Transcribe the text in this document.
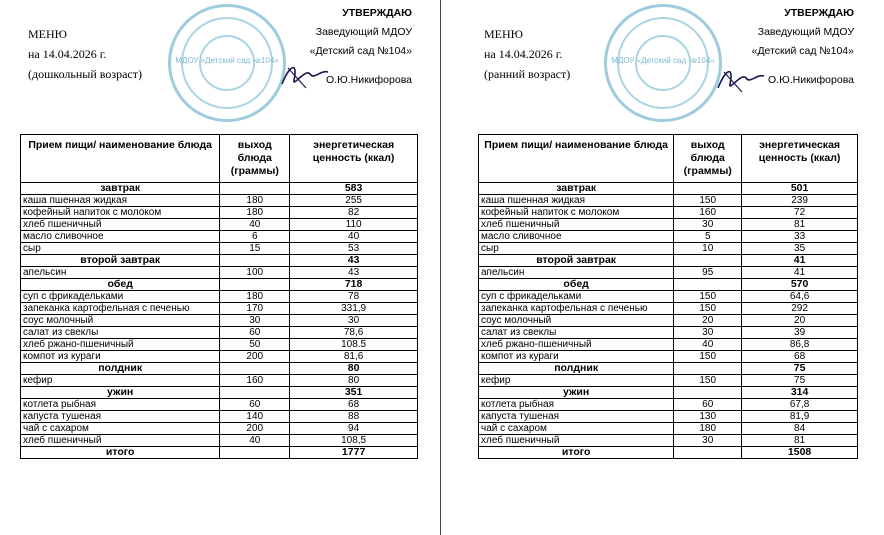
МЕНЮ
на 14.04.2026 г.
(дошкольный возраст)
МДОУ «Детский сад №104»
УТВЕРЖДАЮ
Заведующий МДОУ
«Детский сад №104»
О.Ю.Никифорова
Прием пищи/ наименование блюда	выход блюда (граммы)	энергетическая ценность (ккал)
завтрак		583
каша пшенная жидкая	180	255
кофейный напиток с молоком	180	82
хлеб пшеничный	40	110
масло сливочное	6	40
сыр	15	53
второй завтрак		43
апельсин	100	43
обед		718
суп с фрикадельками	180	78
запеканка картофельная с печенью	170	331,9
соус молочный	30	30
салат из свеклы	60	78,6
хлеб ржано-пшеничный	50	108.5
компот из кураги	200	81,6
полдник		80
кефир	160	80
ужин		351
котлета рыбная	60	68
капуста тушеная	140	88
чай с сахаром	200	94
хлеб пшеничный	40	108,5
итого		1777
МЕНЮ
на 14.04.2026 г.
(ранний возраст)
МДОУ «Детский сад №104»
УТВЕРЖДАЮ
Заведующий МДОУ
«Детский сад №104»
О.Ю.Никифорова
Прием пищи/ наименование блюда	выход блюда (граммы)	энергетическая ценность (ккал)
завтрак		501
каша пшенная жидкая	150	239
кофейный напиток с молоком	160	72
хлеб пшеничный	30	81
масло сливочное	5	33
сыр	10	35
второй завтрак		41
апельсин	95	41
обед		570
суп с фрикадельками	150	64,6
запеканка картофельная с печенью	150	292
соус молочный	20	20
салат из свеклы	30	39
хлеб ржано-пшеничный	40	86,8
компот из кураги	150	68
полдник		75
кефир	150	75
ужин		314
котлета рыбная	60	67,8
капуста тушеная	130	81,9
чай с сахаром	180	84
хлеб пшеничный	30	81
итого		1508
